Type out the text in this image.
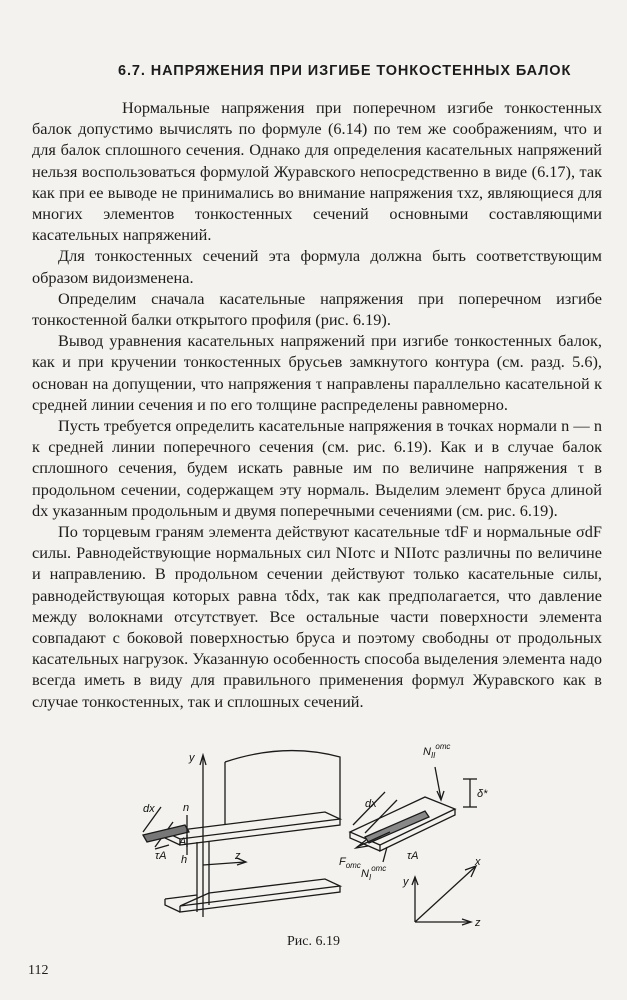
6.7. НАПРЯЖЕНИЯ ПРИ ИЗГИБЕ ТОНКОСТЕННЫХ БАЛОК

Нормальные напряжения при поперечном изгибе тонкостенных балок допустимо вычислять по формуле (6.14) по тем же соображениям, что и для балок сплошного сечения. Однако для определения касательных напряжений нельзя воспользоваться формулой Журавского непосредственно в виде (6.17), так как при ее выводе не принимались во внимание напряжения τxz, являющиеся для многих элементов тонкостенных сечений основными составляющими касательных напряжений.

Для тонкостенных сечений эта формула должна быть соответствующим образом видоизменена.

Определим сначала касательные напряжения при поперечном изгибе тонкостенной балки открытого профиля (рис. 6.19).

Вывод уравнения касательных напряжений при изгибе тонкостенных балок, как и при кручении тонкостенных брусьев замкнутого контура (см. разд. 5.6), основан на допущении, что напряжения τ направлены параллельно касательной к средней линии сечения и по его толщине распределены равномерно.

Пусть требуется определить касательные напряжения в точках нормали n — n к средней линии поперечного сечения (см. рис. 6.19). Как и в случае балок сплошного сечения, будем искать равные им по величине напряжения τ в продольном сечении, содержащем эту нормаль. Выделим элемент бруса длиной dx указанным продольным и двумя поперечными сечениями (см. рис. 6.19).

По торцевым граням элемента действуют касательные τdF и нормальные σdF силы. Равнодействующие нормальных сил NIотс и NIIотс различны по величине и направлению. В продольном сечении действуют только касательные силы, равнодействующая которых равна τδdx, так как предполагается, что давление между волокнами отсутствует. Все остальные части поверхности элемента совпадают с боковой поверхностью бруса и поэтому свободны от продольных касательных нагрузок. Указанную особенность способа выделения элемента надо всегда иметь в виду для правильного применения формул Журавского как в случае тонкостенных, так и сплошных сечений.

y
z
dx	n
τA
A
h
$N_{II}^{отс}$
δ*
dx
$F_{отс}$
$N_I^{отс}$
τA
y
x
z
Рис. 6.19
112
